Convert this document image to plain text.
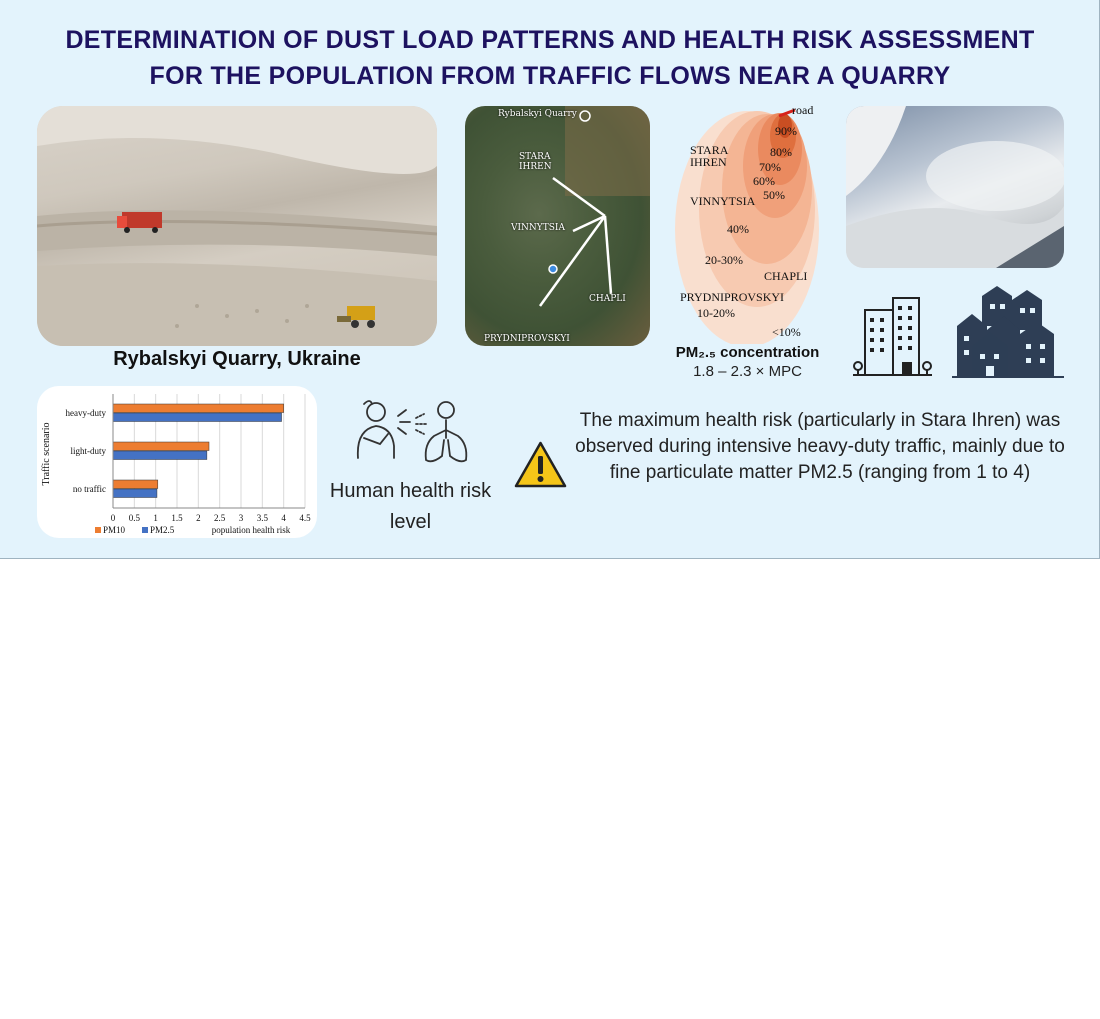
DETERMINATION OF DUST LOAD PATTERNS AND HEALTH RISK ASSESSMENT
FOR THE POPULATION FROM TRAFFIC FLOWS NEAR A QUARRY
Rybalskyi Quarry, Ukraine
Rybalskyi Quarry
STARA
IHREN
VINNYTSIA
CHAPLI
PRYDNIPROVSKYI
road
90%
80%
70%
60%
50%
40%
20-30%
10-20%
<10%
STARA
IHREN
VINNYTSIA
CHAPLI
PRYDNIPROVSKYI
PM₂.₅ concentration
1.8 – 2.3 × MPC
0 0.5 1 1.5 2 2.5 3 3.5 4 4.5
heavy-duty
light-duty
no traffic
Traffic scenario
population health risk
PM10	PM2.5
Human health risk level
The maximum health risk (particularly in Stara Ihren) was observed during intensive heavy-duty traffic, mainly due to fine particulate matter PM2.5 (ranging from 1 to 4)
